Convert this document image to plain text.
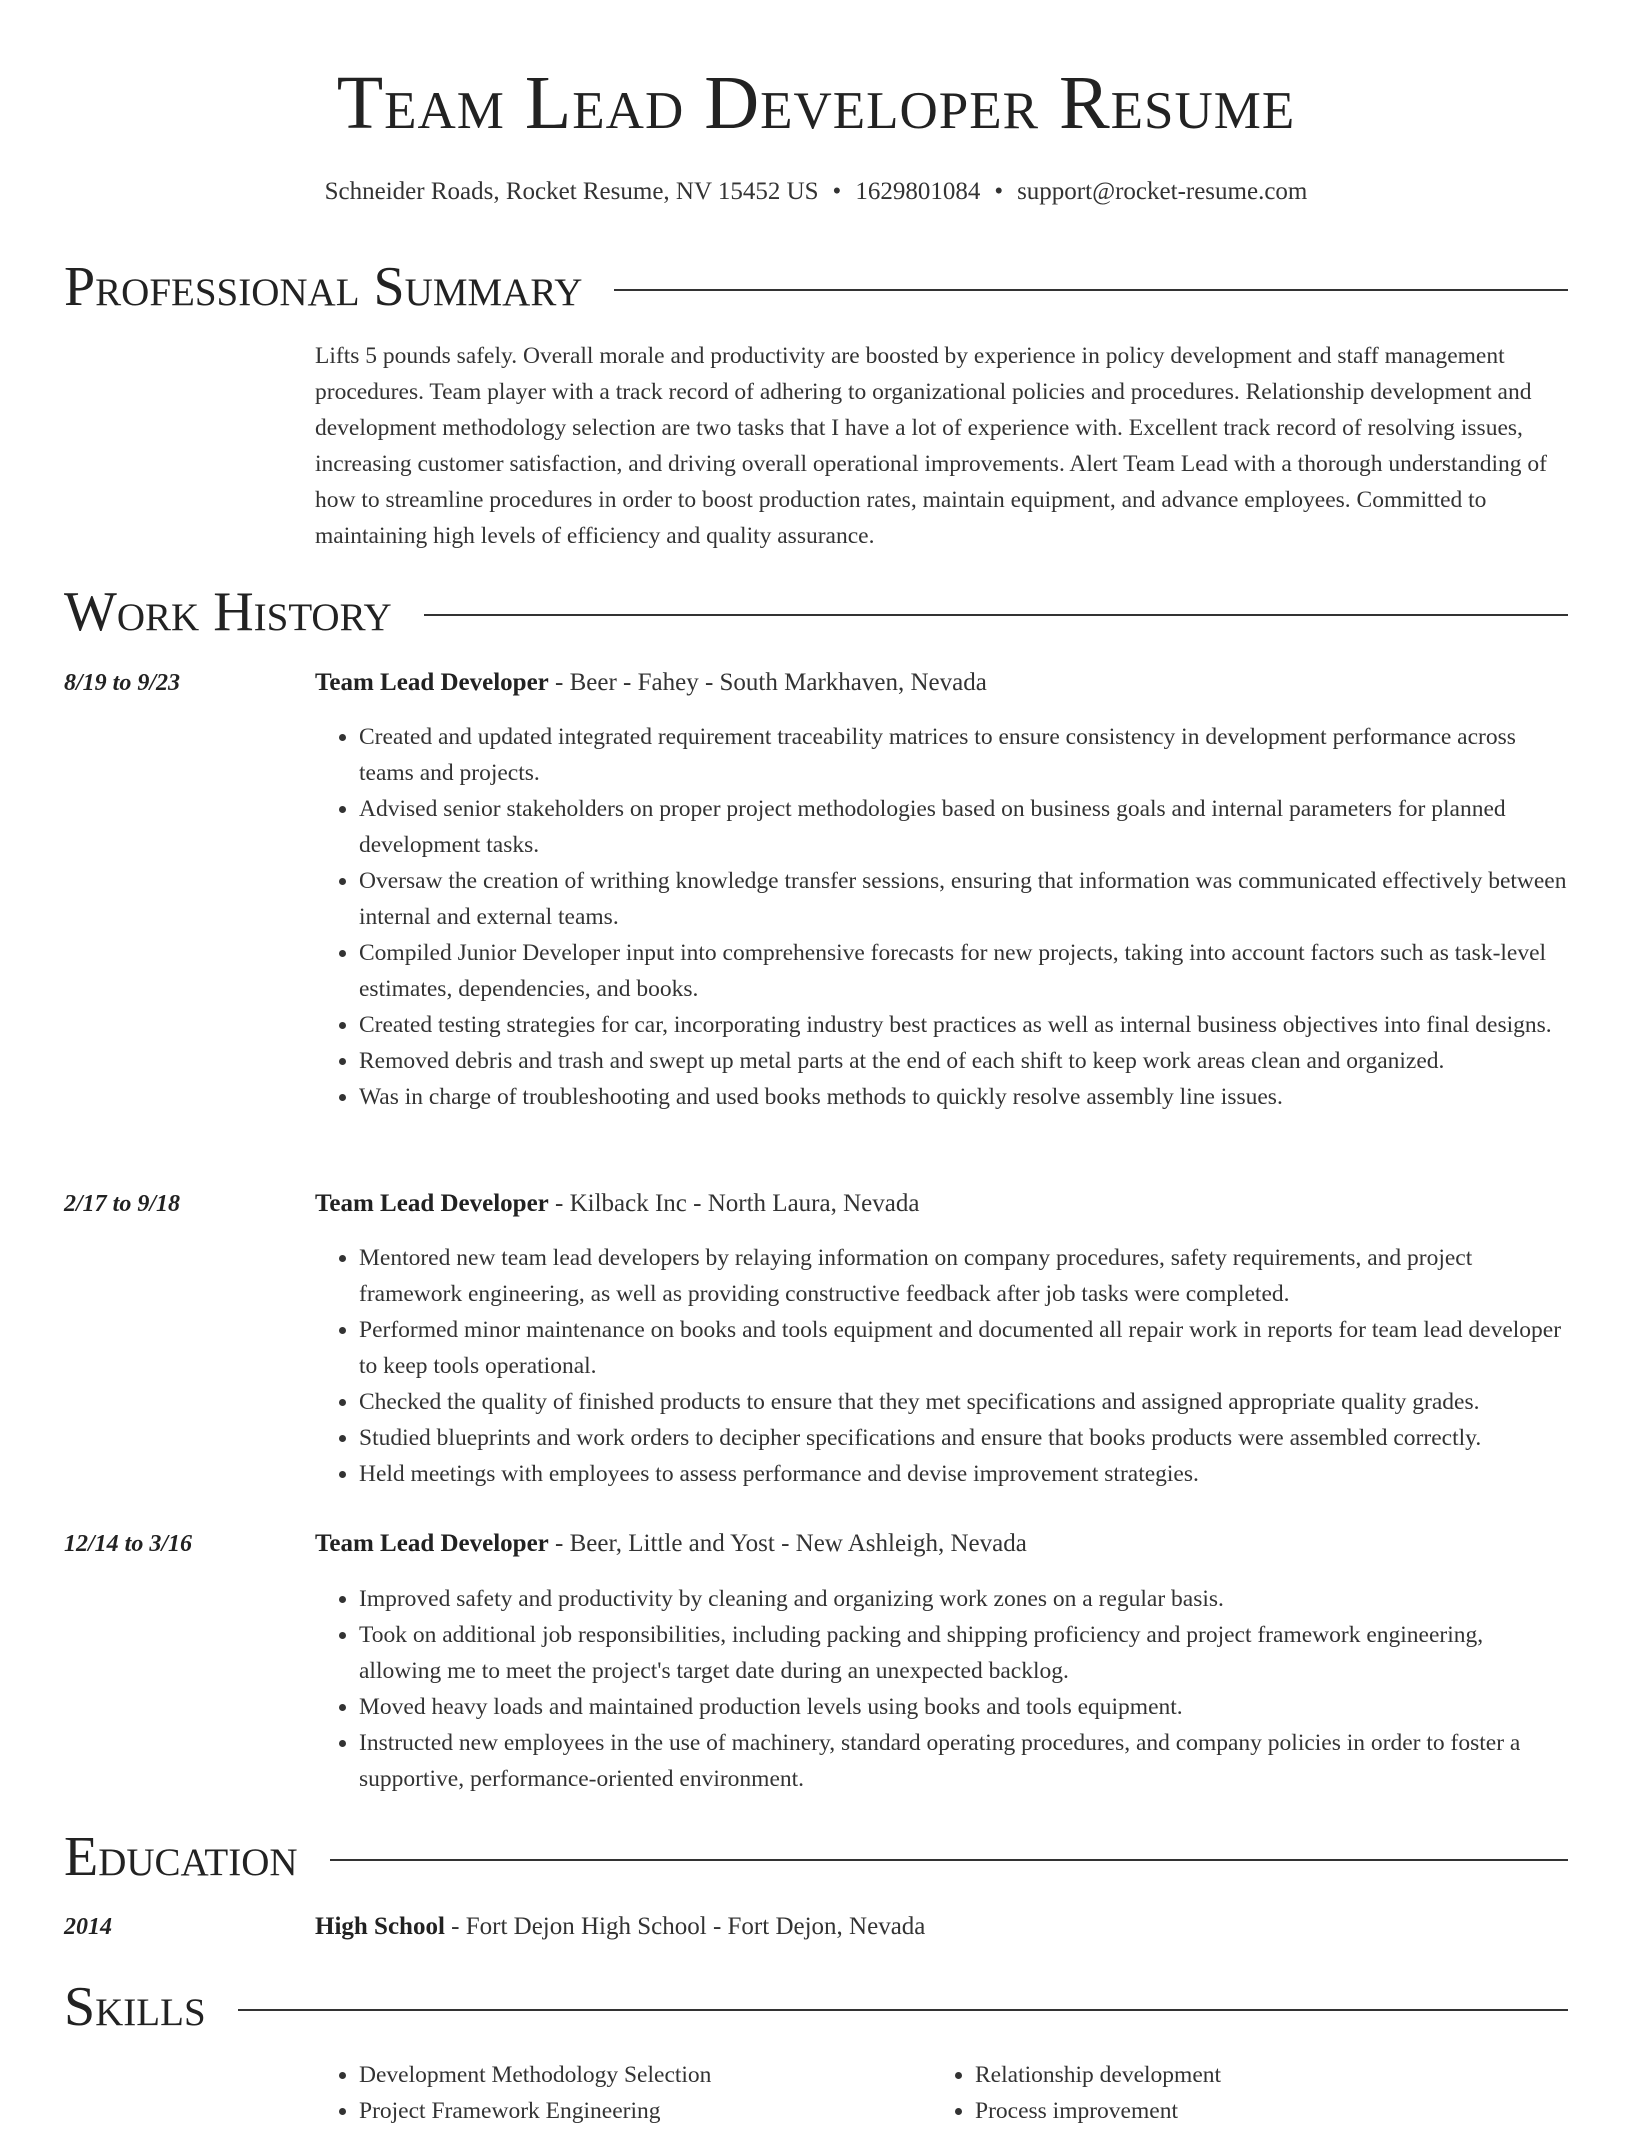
Team Lead Developer Resume
Schneider Roads, Rocket Resume, NV 15452 US • 1629801084 • support@rocket-resume.com
Professional Summary
Lifts 5 pounds safely. Overall morale and productivity are boosted by experience in policy development and staff management procedures. Team player with a track record of adhering to organizational policies and procedures. Relationship development and development methodology selection are two tasks that I have a lot of experience with. Excellent track record of resolving issues, increasing customer satisfaction, and driving overall operational improvements. Alert Team Lead with a thorough understanding of how to streamline procedures in order to boost production rates, maintain equipment, and advance employees. Committed to maintaining high levels of efficiency and quality assurance.
Work History
8/19 to 9/23	Team Lead Developer - Beer - Fahey - South Markhaven, Nevada
• Created and updated integrated requirement traceability matrices to ensure consistency in development performance across teams and projects.
• Advised senior stakeholders on proper project methodologies based on business goals and internal parameters for planned development tasks.
• Oversaw the creation of writhing knowledge transfer sessions, ensuring that information was communicated effectively between internal and external teams.
• Compiled Junior Developer input into comprehensive forecasts for new projects, taking into account factors such as task-level estimates, dependencies, and books.
• Created testing strategies for car, incorporating industry best practices as well as internal business objectives into final designs.
• Removed debris and trash and swept up metal parts at the end of each shift to keep work areas clean and organized.
• Was in charge of troubleshooting and used books methods to quickly resolve assembly line issues.
2/17 to 9/18	Team Lead Developer - Kilback Inc - North Laura, Nevada
• Mentored new team lead developers by relaying information on company procedures, safety requirements, and project framework engineering, as well as providing constructive feedback after job tasks were completed.
• Performed minor maintenance on books and tools equipment and documented all repair work in reports for team lead developer to keep tools operational.
• Checked the quality of finished products to ensure that they met specifications and assigned appropriate quality grades.
• Studied blueprints and work orders to decipher specifications and ensure that books products were assembled correctly.
• Held meetings with employees to assess performance and devise improvement strategies.
12/14 to 3/16	Team Lead Developer - Beer, Little and Yost - New Ashleigh, Nevada
• Improved safety and productivity by cleaning and organizing work zones on a regular basis.
• Took on additional job responsibilities, including packing and shipping proficiency and project framework engineering, allowing me to meet the project's target date during an unexpected backlog.
• Moved heavy loads and maintained production levels using books and tools equipment.
• Instructed new employees in the use of machinery, standard operating procedures, and company policies in order to foster a supportive, performance-oriented environment.
Education
2014	High School - Fort Dejon High School - Fort Dejon, Nevada
Skills
• Development Methodology Selection
• Project Framework Engineering
• Relationship development
• Process improvement
